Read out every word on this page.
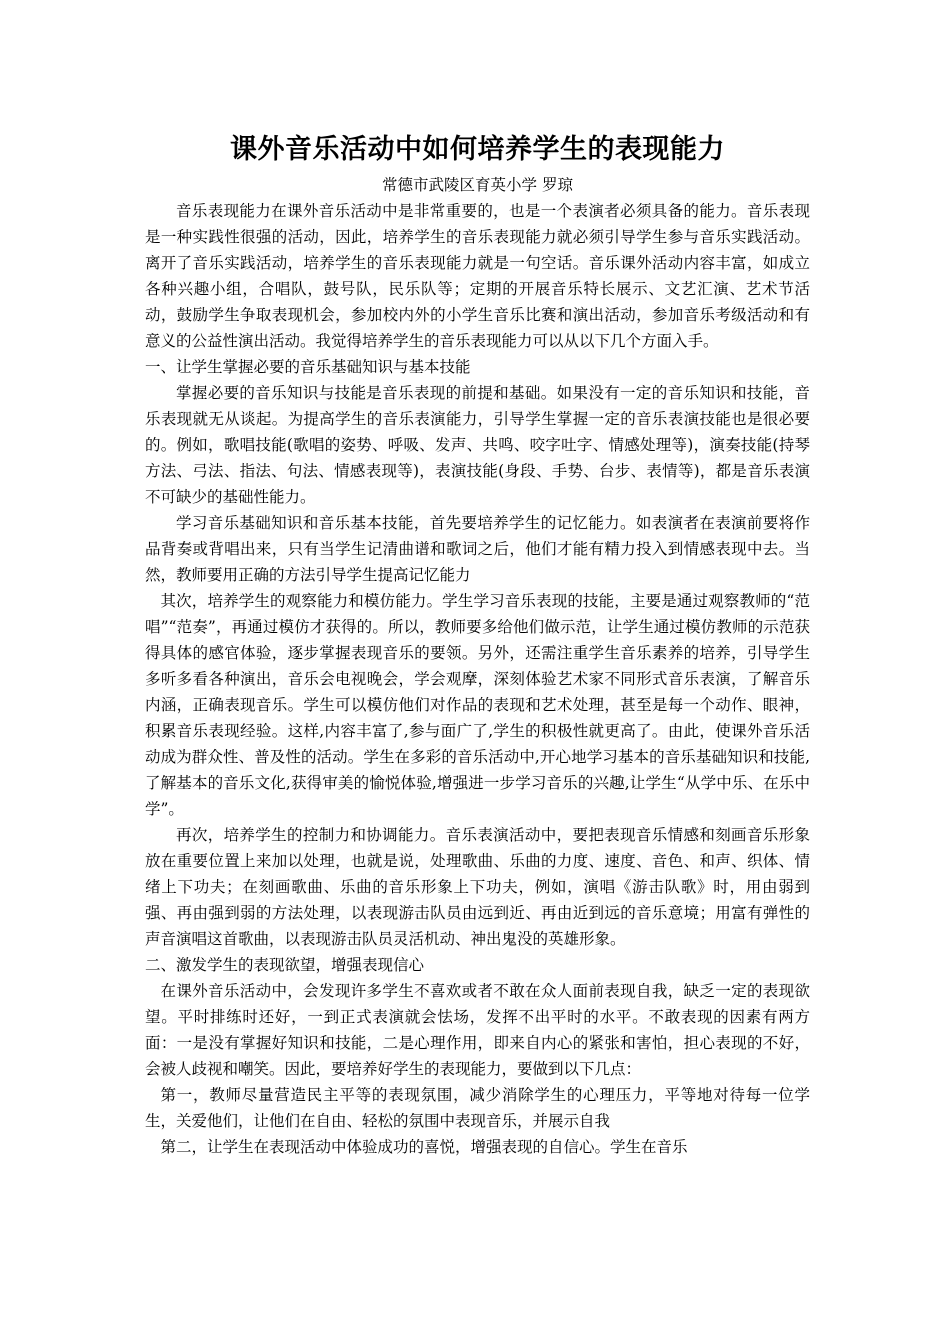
课外音乐活动中如何培养学生的表现能力

常德市武陵区育英小学 罗琼

音乐表现能力在课外音乐活动中是非常重要的，也是一个表演者必须具备的能力。音乐表现是一种实践性很强的活动，因此，培养学生的音乐表现能力就必须引导学生参与音乐实践活动。离开了音乐实践活动，培养学生的音乐表现能力就是一句空话。音乐课外活动内容丰富，如成立各种兴趣小组，合唱队，鼓号队，民乐队等；定期的开展音乐特长展示、文艺汇演、艺术节活动，鼓励学生争取表现机会，参加校内外的小学生音乐比赛和演出活动，参加音乐考级活动和有意义的公益性演出活动。我觉得培养学生的音乐表现能力可以从以下几个方面入手。

一、让学生掌握必要的音乐基础知识与基本技能

掌握必要的音乐知识与技能是音乐表现的前提和基础。如果没有一定的音乐知识和技能，音乐表现就无从谈起。为提高学生的音乐表演能力，引导学生掌握一定的音乐表演技能也是很必要的。例如，歌唱技能(歌唱的姿势、呼吸、发声、共鸣、咬字吐字、情感处理等)，演奏技能(持琴方法、弓法、指法、句法、情感表现等)，表演技能(身段、手势、台步、表情等)，都是音乐表演不可缺少的基础性能力。

学习音乐基础知识和音乐基本技能，首先要培养学生的记忆能力。如表演者在表演前要将作品背奏或背唱出来，只有当学生记清曲谱和歌词之后，他们才能有精力投入到情感表现中去。当然，教师要用正确的方法引导学生提高记忆能力

其次，培养学生的观察能力和模仿能力。学生学习音乐表现的技能，主要是通过观察教师的“范唱”“范奏”，再通过模仿才获得的。所以，教师要多给他们做示范，让学生通过模仿教师的示范获得具体的感官体验，逐步掌握表现音乐的要领。另外，还需注重学生音乐素养的培养，引导学生多听多看各种演出，音乐会电视晚会，学会观摩，深刻体验艺术家不同形式音乐表演，了解音乐内涵，正确表现音乐。学生可以模仿他们对作品的表现和艺术处理，甚至是每一个动作、眼神，积累音乐表现经验。这样,内容丰富了,参与面广了,学生的积极性就更高了。由此，使课外音乐活动成为群众性、普及性的活动。学生在多彩的音乐活动中,开心地学习基本的音乐基础知识和技能,了解基本的音乐文化,获得审美的愉悦体验,增强进一步学习音乐的兴趣,让学生“从学中乐、在乐中学”。

再次，培养学生的控制力和协调能力。音乐表演活动中，要把表现音乐情感和刻画音乐形象放在重要位置上来加以处理，也就是说，处理歌曲、乐曲的力度、速度、音色、和声、织体、情绪上下功夫；在刻画歌曲、乐曲的音乐形象上下功夫，例如，演唱《游击队歌》时，用由弱到强、再由强到弱的方法处理，以表现游击队员由远到近、再由近到远的音乐意境；用富有弹性的声音演唱这首歌曲，以表现游击队员灵活机动、神出鬼没的英雄形象。

二、激发学生的表现欲望，增强表现信心

在课外音乐活动中，会发现许多学生不喜欢或者不敢在众人面前表现自我，缺乏一定的表现欲望。平时排练时还好，一到正式表演就会怯场，发挥不出平时的水平。不敢表现的因素有两方面：一是没有掌握好知识和技能，二是心理作用，即来自内心的紧张和害怕，担心表现的不好，会被人歧视和嘲笑。因此，要培养好学生的表现能力，要做到以下几点：

第一，教师尽量营造民主平等的表现氛围，减少消除学生的心理压力，平等地对待每一位学生，关爱他们，让他们在自由、轻松的氛围中表现音乐，并展示自我

第二，让学生在表现活动中体验成功的喜悦，增强表现的自信心。学生在音乐
